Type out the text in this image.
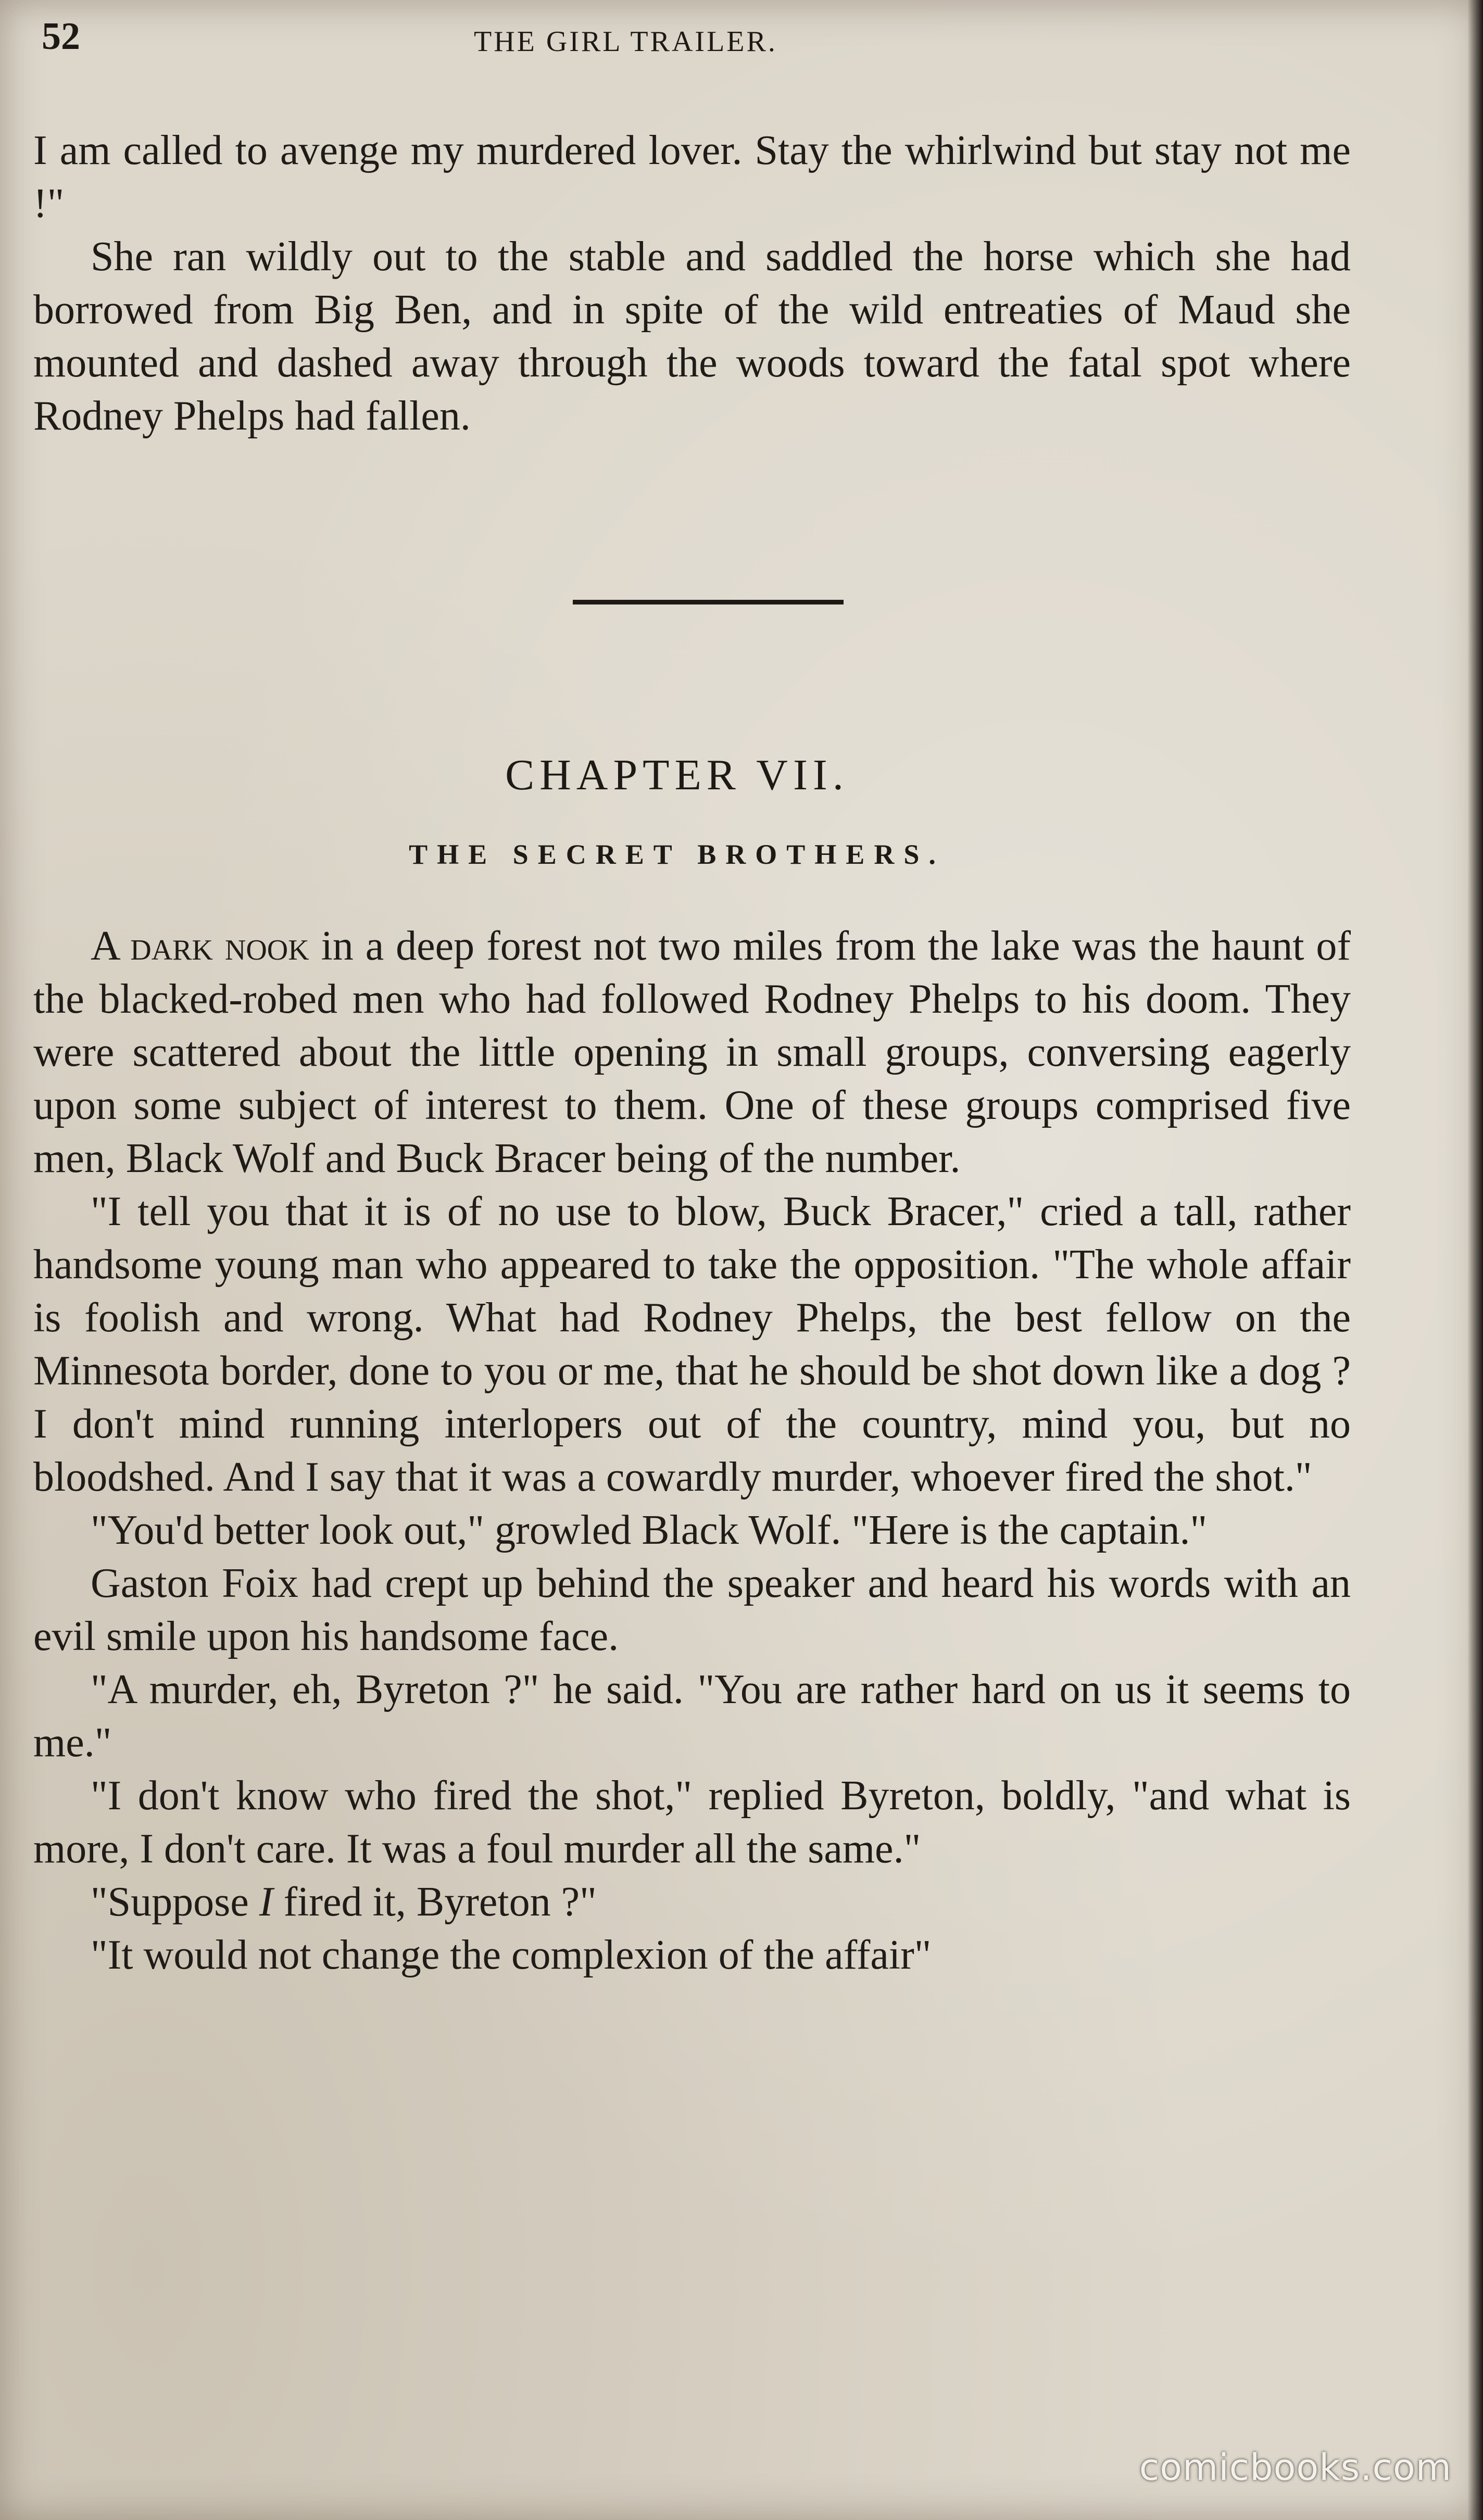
52	THE GIRL TRAILER.

I am called to avenge my murdered lover. Stay the whirlwind but stay not me !"

She ran wildly out to the stable and saddled the horse which she had borrowed from Big Ben, and in spite of the wild entreaties of Maud she mounted and dashed away through the woods toward the fatal spot where Rodney Phelps had fallen.

CHAPTER VII.
THE SECRET BROTHERS.

A dark nook in a deep forest not two miles from the lake was the haunt of the blacked-robed men who had followed Rodney Phelps to his doom. They were scattered about the little opening in small groups, conversing eagerly upon some subject of interest to them. One of these groups comprised five men, Black Wolf and Buck Bracer being of the number.

"I tell you that it is of no use to blow, Buck Bracer," cried a tall, rather handsome young man who appeared to take the opposition. "The whole affair is foolish and wrong. What had Rodney Phelps, the best fellow on the Minnesota border, done to you or me, that he should be shot down like a dog ? I don't mind running interlopers out of the country, mind you, but no bloodshed. And I say that it was a cowardly murder, whoever fired the shot."

"You'd better look out," growled Black Wolf. "Here is the captain."

Gaston Foix had crept up behind the speaker and heard his words with an evil smile upon his handsome face.

"A murder, eh, Byreton ?" he said. "You are rather hard on us it seems to me."

"I don't know who fired the shot," replied Byreton, boldly, "and what is more, I don't care. It was a foul murder all the same."

"Suppose I fired it, Byreton ?"

"It would not change the complexion of the affair"

comicbooks.com
